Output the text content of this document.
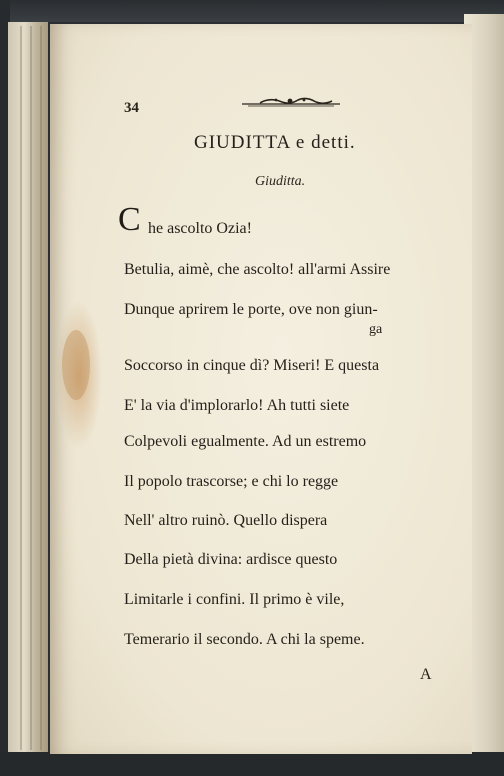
34
GIUDITTA e detti.
Giuditta.
C he ascolto Ozia!
Betulia, aimè, che ascolto! all'armi Assire
Dunque aprirem le porte, ove non giun-
ga
Soccorso in cinque dì? Miseri! E questa
E' la via d'implorarlo! Ah tutti siete
Colpevoli egualmente. Ad un estremo
Il popolo trascorse; e chi lo regge
Nell' altro ruinò. Quello dispera
Della pietà divina: ardisce questo
Limitarle i confini. Il primo è vile,
Temerario il secondo. A chi la speme.
A
